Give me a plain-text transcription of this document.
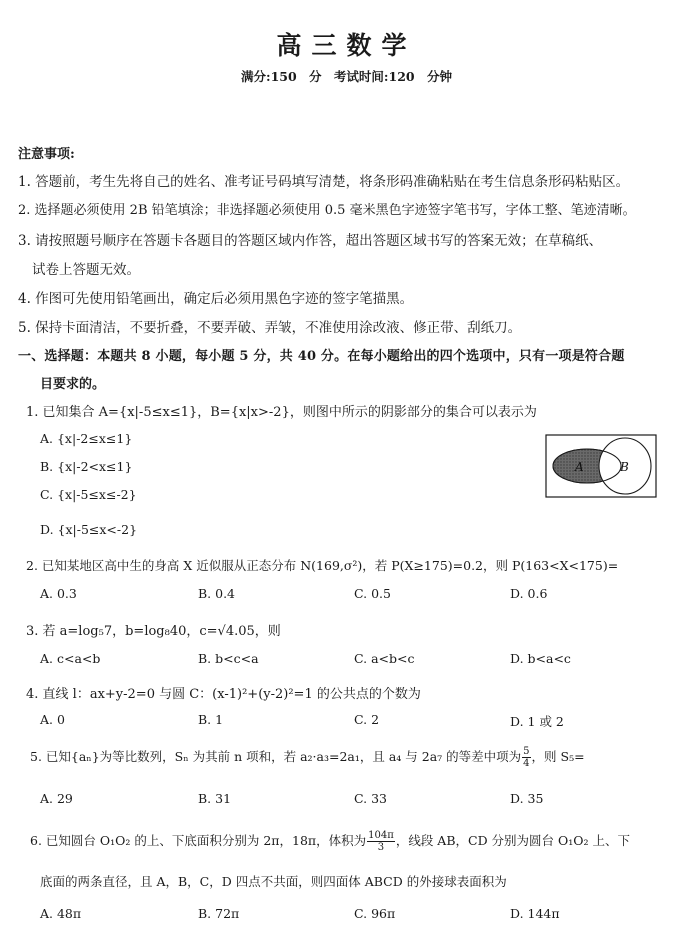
高三数学
满分:150 分 考试时间:120 分钟
注意事项:
1. 答题前，考生先将自己的姓名、准考证号码填写清楚，将条形码准确粘贴在考生信息条形码粘贴区。
2. 选择题必须使用 2B 铅笔填涂；非选择题必须使用 0.5 毫米黑色字迹签字笔书写，字体工整、笔迹清晰。
3. 请按照题号顺序在答题卡各题目的答题区域内作答，超出答题区域书写的答案无效；在草稿纸、
试卷上答题无效。
4. 作图可先使用铅笔画出，确定后必须用黑色字迹的签字笔描黑。
5. 保持卡面清洁，不要折叠，不要弄破、弄皱，不准使用涂改液、修正带、刮纸刀。
一、选择题：本题共 8 小题，每小题 5 分，共 40 分。在每小题给出的四个选项中，只有一项是符合题
目要求的。
1. 已知集合 A={x|-5≤x≤1}，B={x|x>-2}，则图中所示的阴影部分的集合可以表示为
A. {x|-2≤x≤1}
B. {x|-2<x≤1}
C. {x|-5≤x≤-2}
D. {x|-5≤x<-2}
A	B
2. 已知某地区高中生的身高 X 近似服从正态分布 N(169,σ²)，若 P(X≥175)=0.2，则 P(163<X<175)=
A. 0.3	B. 0.4	C. 0.5	D. 0.6
3. 若 a=log₅7，b=log₈40，c=√4.05，则
A. c<a<b	B. b<c<a	C. a<b<c	D. b<a<c
4. 直线 l：ax+y-2=0 与圆 C：(x-1)²+(y-2)²=1 的公共点的个数为
A. 0	B. 1	C. 2	D. 1 或 2
5. 已知{aₙ}为等比数列，Sₙ 为其前 n 项和，若 a₂·a₃=2a₁，且 a₄ 与 2a₇ 的等差中项为 $\frac{5}{4}$ ，则 S₅=
A. 29	B. 31	C. 33	D. 35
6. 已知圆台 O₁O₂ 的上、下底面积分别为 2π，18π，体积为 $\frac{104\pi}{3}$ ，线段 AB，CD 分别为圆台 O₁O₂ 上、下
底面的两条直径，且 A，B，C，D 四点不共面，则四面体 ABCD 的外接球表面积为
A. 48π	B. 72π	C. 96π	D. 144π
